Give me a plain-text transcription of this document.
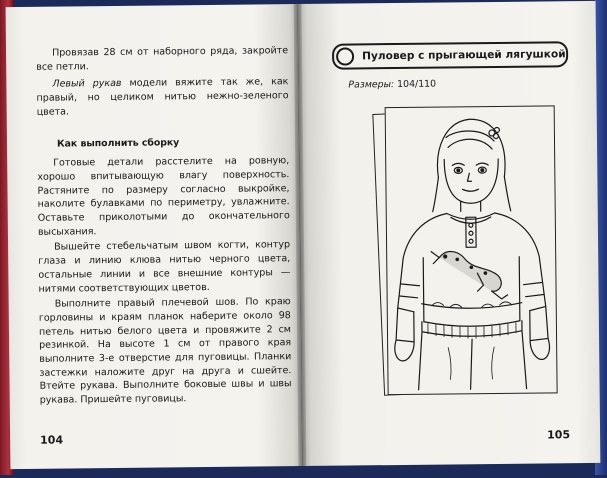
Провязав 28 см от наборного ряда, закройте все петли.

Левый рукав модели вяжите так же, как правый, но целиком нитью нежно-зеленого цвета.

Как выполнить сборку

Готовые детали расстелите на ровную, хорошо впитывающую влагу поверхность. Растяните по размеру согласно выкройке, наколите булавками по периметру, увлажните. Оставьте приколотыми до окончательного высыхания.

Вышейте стебельчатым швом когти, контур глаза и линию клюва нитью черного цвета, остальные линии и все внешние контуры — нитями соответствующих цветов.

Выполните правый плечевой шов. По краю горловины и краям планок наберите около 98 петель нитью белого цвета и провяжите 2 см резинкой. На высоте 1 см от правого края выполните 3-е отверстие для пуговицы. Планки застежки наложите друг на друга и сшейте. Втейте рукава. Выполните боковые швы и швы рукава. Пришейте пуговицы.

104
Пуловер с прыгающей лягушкой
Размеры: 104/110
105
